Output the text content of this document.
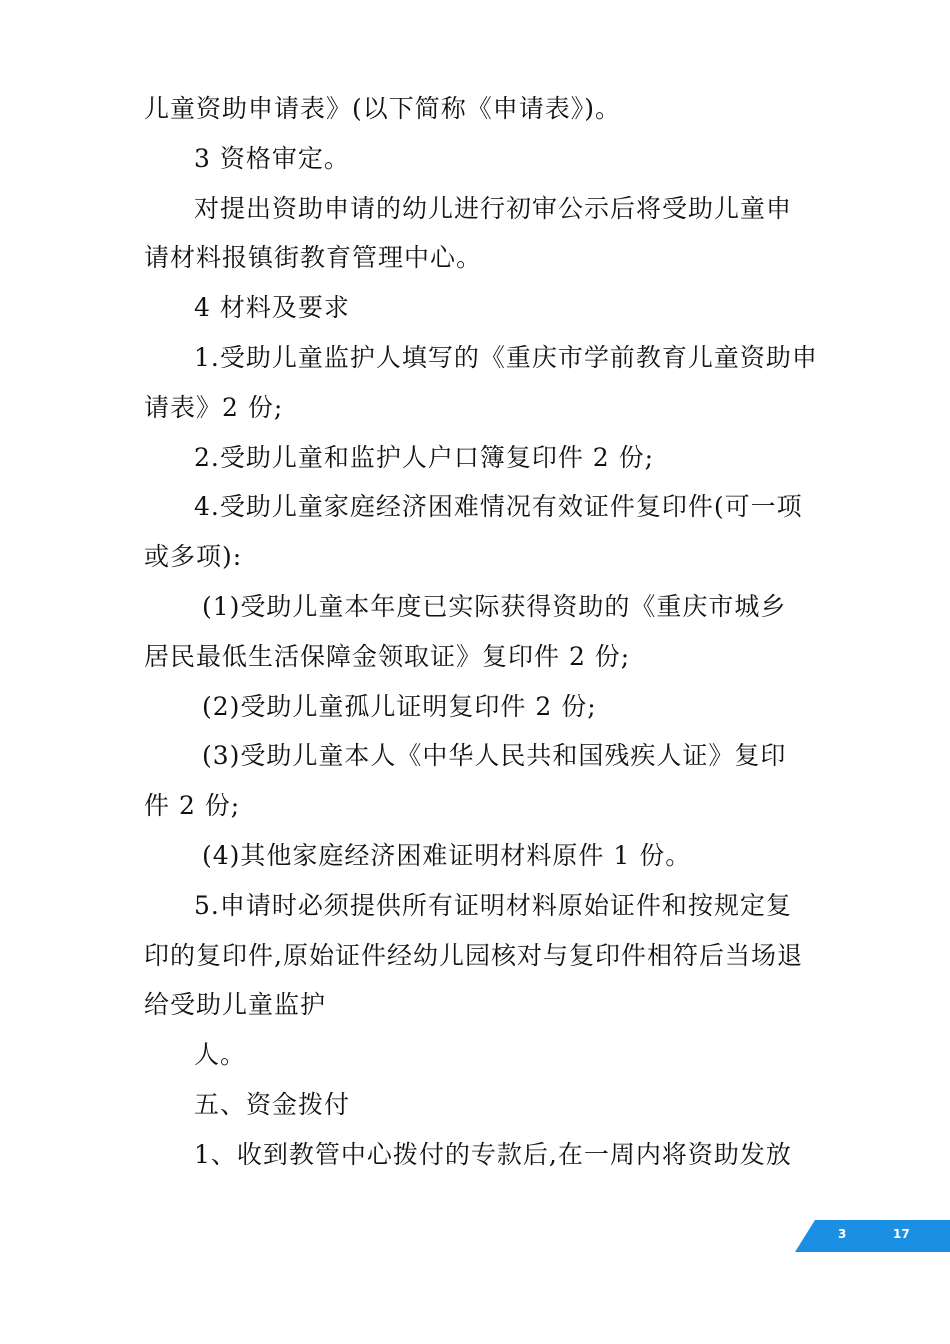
儿童资助申请表》(以下简称《申请表》)。
3 资格审定。
对提出资助申请的幼儿进行初审公示后将受助儿童申
请材料报镇街教育管理中心。
4 材料及要求
1.受助儿童监护人填写的《重庆市学前教育儿童资助申
请表》2 份;
2.受助儿童和监护人户口簿复印件 2 份;
4.受助儿童家庭经济困难情况有效证件复印件(可一项
或多项):
(1)受助儿童本年度已实际获得资助的《重庆市城乡
居民最低生活保障金领取证》复印件 2 份;
(2)受助儿童孤儿证明复印件 2 份;
(3)受助儿童本人《中华人民共和国残疾人证》复印
件 2 份;
(4)其他家庭经济困难证明材料原件 1 份。
5.申请时必须提供所有证明材料原始证件和按规定复
印的复印件,原始证件经幼儿园核对与复印件相符后当场退
给受助儿童监护
人。
五、资金拨付
1、收到教管中心拨付的专款后,在一周内将资助发放
3	17
